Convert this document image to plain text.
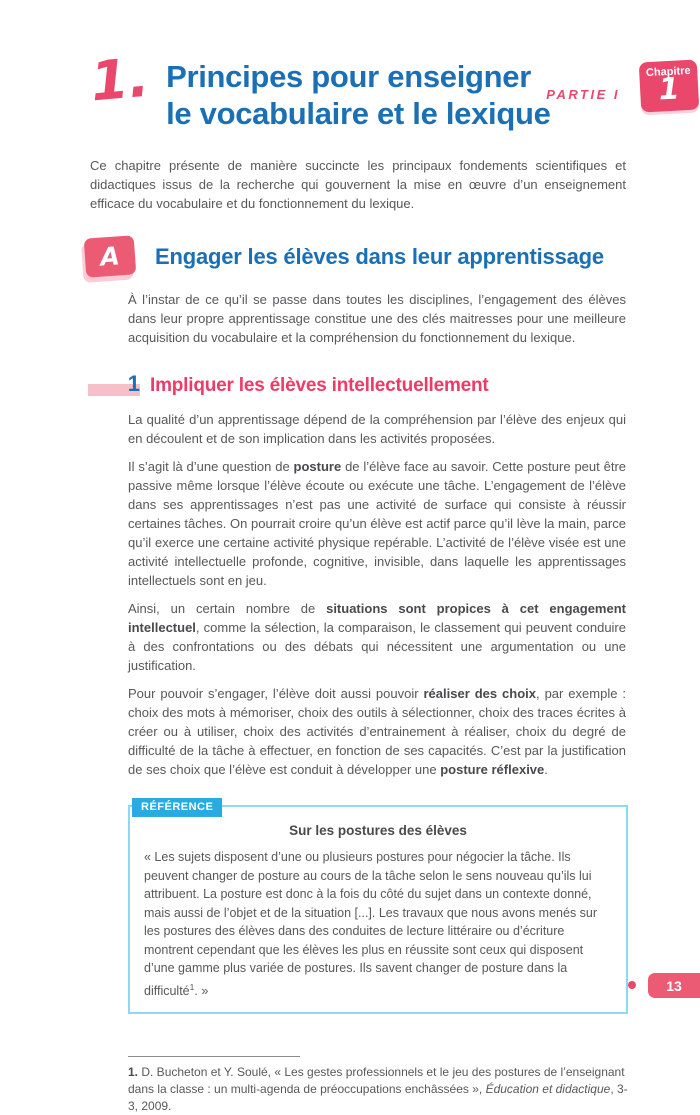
PARTIE I
Chapitre
1
1. Principes pour enseigner
le vocabulaire et le lexique

Ce chapitre présente de manière succincte les principaux fondements scientifiques et didactiques issus de la recherche qui gouvernent la mise en œuvre d’un enseignement efficace du vocabulaire et du fonctionnement du lexique.

A	Engager les élèves dans leur apprentissage

À l’instar de ce qu’il se passe dans toutes les disciplines, l’engagement des élèves dans leur propre apprentissage constitue une des clés maitresses pour une meilleure acquisition du vocabulaire et la compréhension du fonctionnement du lexique.

1 Impliquer les élèves intellectuellement

La qualité d’un apprentissage dépend de la compréhension par l’élève des enjeux qui en découlent et de son implication dans les activités proposées.

Il s’agit là d’une question de posture de l’élève face au savoir. Cette posture peut être passive même lorsque l’élève écoute ou exécute une tâche. L’engagement de l’élève dans ses apprentissages n’est pas une activité de surface qui consiste à réussir certaines tâches. On pourrait croire qu’un élève est actif parce qu’il lève la main, parce qu’il exerce une certaine activité physique repérable. L’activité de l’élève visée est une activité intellectuelle profonde, cognitive, invisible, dans laquelle les apprentissages intellectuels sont en jeu.

Ainsi, un certain nombre de situations sont propices à cet engagement intellectuel, comme la sélection, la comparaison, le classement qui peuvent conduire à des confrontations ou des débats qui nécessitent une argumentation ou une justification.

Pour pouvoir s’engager, l’élève doit aussi pouvoir réaliser des choix, par exemple : choix des mots à mémoriser, choix des outils à sélectionner, choix des traces écrites à créer ou à utiliser, choix des activités d’entrainement à réaliser, choix du degré de difficulté de la tâche à effectuer, en fonction de ses capacités. C’est par la justification de ses choix que l’élève est conduit à développer une posture réflexive.

RÉFÉRENCE
Sur les postures des élèves
« Les sujets disposent d’une ou plusieurs postures pour négocier la tâche. Ils peuvent changer de posture au cours de la tâche selon le sens nouveau qu’ils lui attribuent. La posture est donc à la fois du côté du sujet dans un contexte donné, mais aussi de l’objet et de la situation [...]. Les travaux que nous avons menés sur les postures des élèves dans des conduites de lecture littéraire ou d’écriture montrent cependant que les élèves les plus en réussite sont ceux qui disposent d’une gamme plus variée de postures. Ils savent changer de posture dans la difficulté$^1$. »
1. D. Bucheton et Y. Soulé, « Les gestes professionnels et le jeu des postures de l’enseignant dans la classe : un multi-agenda de préoccupations enchâssées », Éducation et didactique, 3-3, 2009.
13
